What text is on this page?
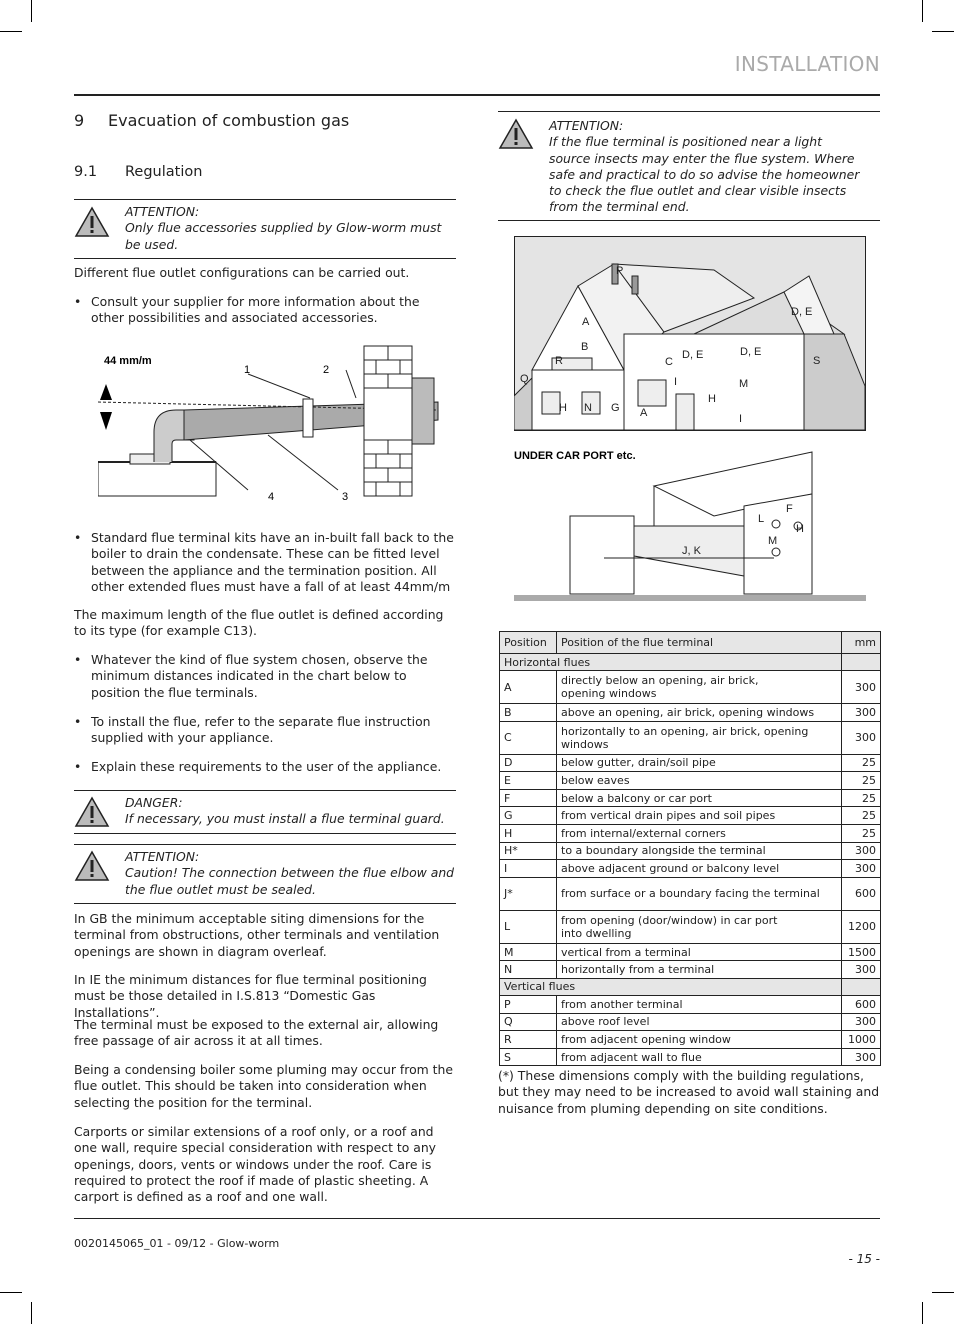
INSTALLATION
9 Evacuation of combustion gas
9.1 Regulation
ATTENTION:
Only flue accessories supplied by Glow-worm must be used.
Different flue outlet configurations can be carried out.
• Consult your supplier for more information about the other possibilities and associated accessories.
44 mm/m
1	2
3
4
• Standard flue terminal kits have an in-built fall back to the boiler to drain the condensate. These can be fitted level between the appliance and the termination position. All other extended flues must have a fall of at least 44mm/m
The maximum length of the flue outlet is defined according to its type (for example C13).
• Whatever the kind of flue system chosen, observe the minimum distances indicated in the chart below to position the flue terminals.
• To install the flue, refer to the separate flue instruction supplied with your appliance.
• Explain these requirements to the user of the appliance.
DANGER:
If necessary, you must install a flue terminal guard.
ATTENTION:
Caution! The connection between the flue elbow and the flue outlet must be sealed.
In GB the minimum acceptable siting dimensions for the terminal from obstructions, other terminals and ventilation openings are shown in diagram overleaf.
In IE the minimum distances for flue terminal positioning must be those detailed in I.S.813 “Domestic Gas Installations”.
The terminal must be exposed to the external air, allowing free passage of air across it at all times.
Being a condensing boiler some pluming may occur from the flue outlet. This should be taken into consideration when selecting the position for the terminal.
Carports or similar extensions of a roof only, or a roof and one wall, require special consideration with respect to any openings, doors, vents or windows under the roof. Care is required to protect the roof if made of plastic sheeting. A carport is defined as a roof and one wall.
ATTENTION:
If the flue terminal is positioned near a light source insects may enter the flue system. Where safe and practical to do so advise the homeowner to check the flue outlet and clear visible insects from the terminal end.
P
A
B
R
Q
C
D, E	D, E
D, E
S
M
H
I
H N G A
I
UNDER CAR PORT etc.
F
L
H
M
J, K
Position	Position of the flue terminal	mm
Horizontal flues		
A	directly below an opening, air brick,
opening windows	300
B	above an opening, air brick, opening windows	300
C	horizontally to an opening, air brick, opening windows	300
D	below gutter, drain/soil pipe	25
E	below eaves	25
F	below a balcony or car port	25
G	from vertical drain pipes and soil pipes	25
H	from internal/external corners	25
H*	to a boundary alongside the terminal	300
I	above adjacent ground or balcony level	300
J*	from surface or a boundary facing the terminal	600
L	from opening (door/window) in car port
into dwelling	1200
M	vertical from a terminal	1500
N	horizontally from a terminal	300
Vertical flues		
P	from another terminal	600
Q	above roof level	300
R	from adjacent opening window	1000
S	from adjacent wall to flue	300
(*) These dimensions comply with the building regulations, but they may need to be increased to avoid wall staining and nuisance from pluming depending on site conditions.
0020145065_01 - 09/12 - Glow-worm
- 15 -
